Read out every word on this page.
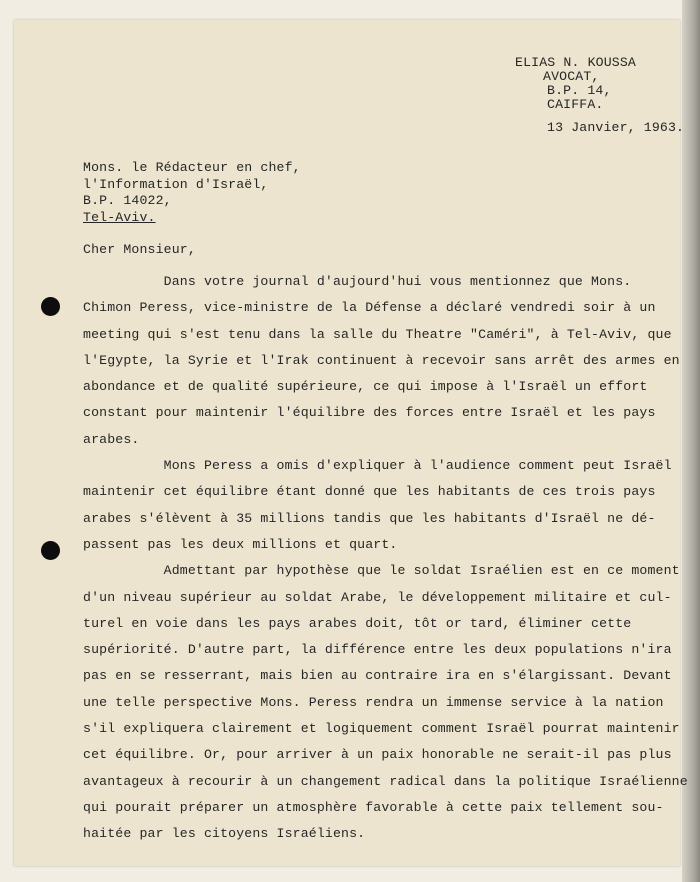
ELIAS N. KOUSSA
AVOCAT,
B.P. 14,
CAIFFA.
13 Janvier, 1963.
Mons. le Rédacteur en chef,
l'Information d'Israël,
B.P. 14022,
Tel-Aviv.
Cher Monsieur,
Dans votre journal d'aujourd'hui vous mentionnez que Mons.
Chimon Peress, vice-ministre de la Défense a déclaré vendredi soir à un
meeting qui s'est tenu dans la salle du Theatre "Caméri", à Tel-Aviv, que
l'Egypte, la Syrie et l'Irak continuent à recevoir sans arrêt des armes en
abondance et de qualité supérieure, ce qui impose à l'Israël un effort
constant pour maintenir l'équilibre des forces entre Israël et les pays
arabes.
Mons Peress a omis d'expliquer à l'audience comment peut Israël
maintenir cet équilibre étant donné que les habitants de ces trois pays
arabes s'élèvent à 35 millions tandis que les habitants d'Israël ne dé-
passent pas les deux millions et quart.
Admettant par hypothèse que le soldat Israélien est en ce moment
d'un niveau supérieur au soldat Arabe, le développement militaire et cul-
turel en voie dans les pays arabes doit, tôt or tard, éliminer cette
supériorité. D'autre part, la différence entre les deux populations n'ira
pas en se resserrant, mais bien au contraire ira en s'élargissant. Devant
une telle perspective Mons. Peress rendra un immense service à la nation
s'il expliquera clairement et logiquement comment Israël pourrat maintenir
cet équilibre. Or, pour arriver à un paix honorable ne serait-il pas plus
avantageux à recourir à un changement radical dans la politique Israélienne
qui pourait préparer un atmosphère favorable à cette paix tellement sou-
haitée par les citoyens Israéliens.
